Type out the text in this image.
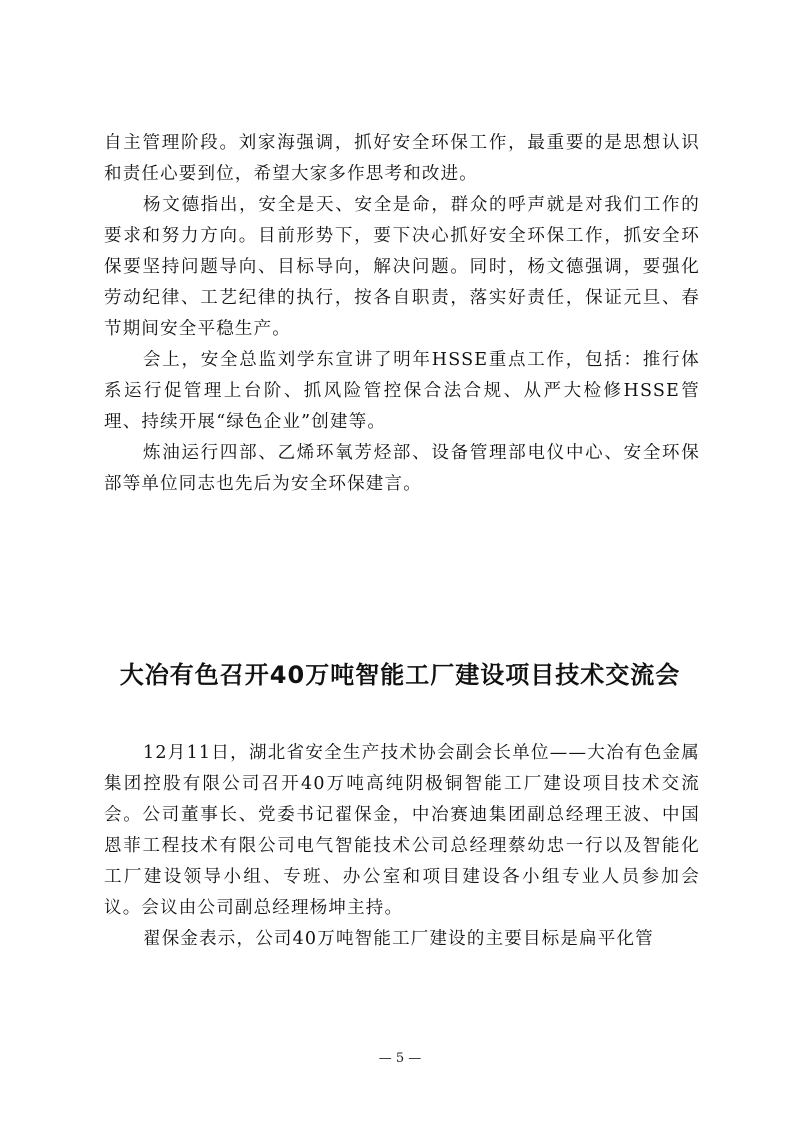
自主管理阶段。刘家海强调，抓好安全环保工作，最重要的是思想认识和责任心要到位，希望大家多作思考和改进。

杨文德指出，安全是天、安全是命，群众的呼声就是对我们工作的要求和努力方向。目前形势下，要下决心抓好安全环保工作，抓安全环保要坚持问题导向、目标导向，解决问题。同时，杨文德强调，要强化劳动纪律、工艺纪律的执行，按各自职责，落实好责任，保证元旦、春节期间安全平稳生产。

会上，安全总监刘学东宣讲了明年HSSE重点工作，包括：推行体系运行促管理上台阶、抓风险管控保合法合规、从严大检修HSSE管理、持续开展“绿色企业”创建等。

炼油运行四部、乙烯环氧芳烃部、设备管理部电仪中心、安全环保部等单位同志也先后为安全环保建言。

大冶有色召开40万吨智能工厂建设项目技术交流会

12月11日，湖北省安全生产技术协会副会长单位——大冶有色金属集团控股有限公司召开40万吨高纯阴极铜智能工厂建设项目技术交流会。公司董事长、党委书记翟保金，中冶赛迪集团副总经理王波、中国恩菲工程技术有限公司电气智能技术公司总经理蔡幼忠一行以及智能化工厂建设领导小组、专班、办公室和项目建设各小组专业人员参加会议。会议由公司副总经理杨坤主持。

翟保金表示，公司40万吨智能工厂建设的主要目标是扁平化管

— 5 —
